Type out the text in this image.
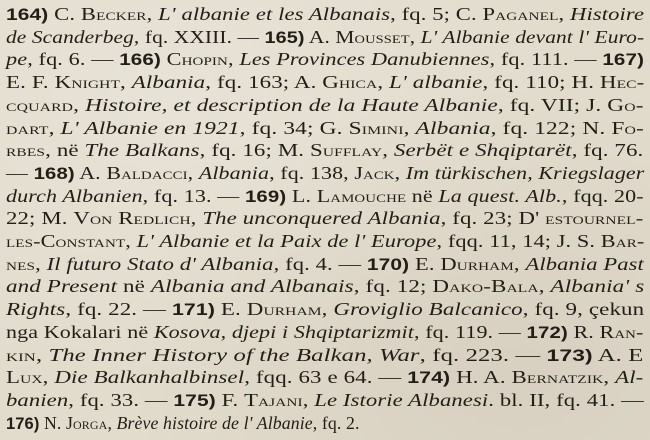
164) C. Becker, L' albanie et les Albanais, fq. 5; C. Paganel, Histoire
de Scanderbeg, fq. XXIII. — 165) A. Mousset, L' Albanie devant l' Euro-
pe, fq. 6. — 166) Chopin, Les Provinces Danubiennes, fq. 111. — 167)
E. F. Knight, Albania, fq. 163; A. Ghica, L' albanie, fq. 110; H. Hec-
cquard, Histoire, et description de la Haute Albanie, fq. VII; J. Go-
dart, L' Albanie en 1921, fq. 34; G. Simini, Albania, fq. 122; N. Fo-
rbes, në The Balkans, fq. 16; M. Sufflay, Serbët e Shqiptarët, fq. 76.
— 168) A. Baldacci, Albania, fq. 138, Jack, Im türkischen, Kriegslager
durch Albanien, fq. 13. — 169) L. Lamouche në La quest. Alb., fqq. 20-
22; M. Von Redlich, The unconquered Albania, fq. 23; D' estournel-
les-Constant, L' Albanie et la Paix de l' Europe, fqq. 11, 14; J. S. Bar-
nes, Il futuro Stato d' Albania, fq. 4. — 170) E. Durham, Albania Past
and Present në Albania and Albanais, fq. 12; Dako-Bala, Albania' s
Rights, fq. 22. — 171) E. Durham, Groviglio Balcanico, fq. 9, çekun
nga Kokalari në Kosova, djepi i Shqiptarizmit, fq. 119. — 172) R. Ran-
kin, The Inner History of the Balkan, War, fq. 223. — 173) A. E
Lux, Die Balkanhalbinsel, fqq. 63 e 64. — 174) H. A. Bernatzik, Al-
banien, fq. 33. — 175) F. Tajani, Le Istorie Albanesi. bl. II, fq. 41. —
176) N. Jorga, Brève histoire de l' Albanie, fq. 2.
